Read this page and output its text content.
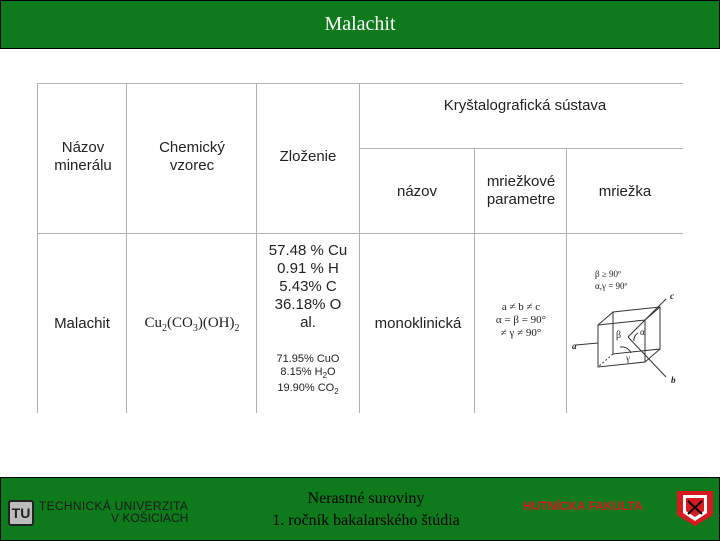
Malachit
Kryštalografická sústava
Názov minerálu
Chemický vzorec
Zloženie
názov
mriežkové parametre	mriežka
Malachit	$Cu_2(CO_3)(OH)_2$
57.48 % Cu
0.91 % H
5.43% C
36.18% O
al.
71.95% CuO
8.15% $H_2O$
19.90% $CO_2$
monoklinická
a ≠ b ≠ c
α = β = 90°
≠ γ ≠ 90°
β ≥ 90º
α,γ = 90º
a
b
c
β α
γ
TU TECHNICKÁ UNIVERZITA
V KOŠICIACH
Nerastné suroviny
1. ročník bakalarského štúdia
HUTNÍCKA FAKULTA
